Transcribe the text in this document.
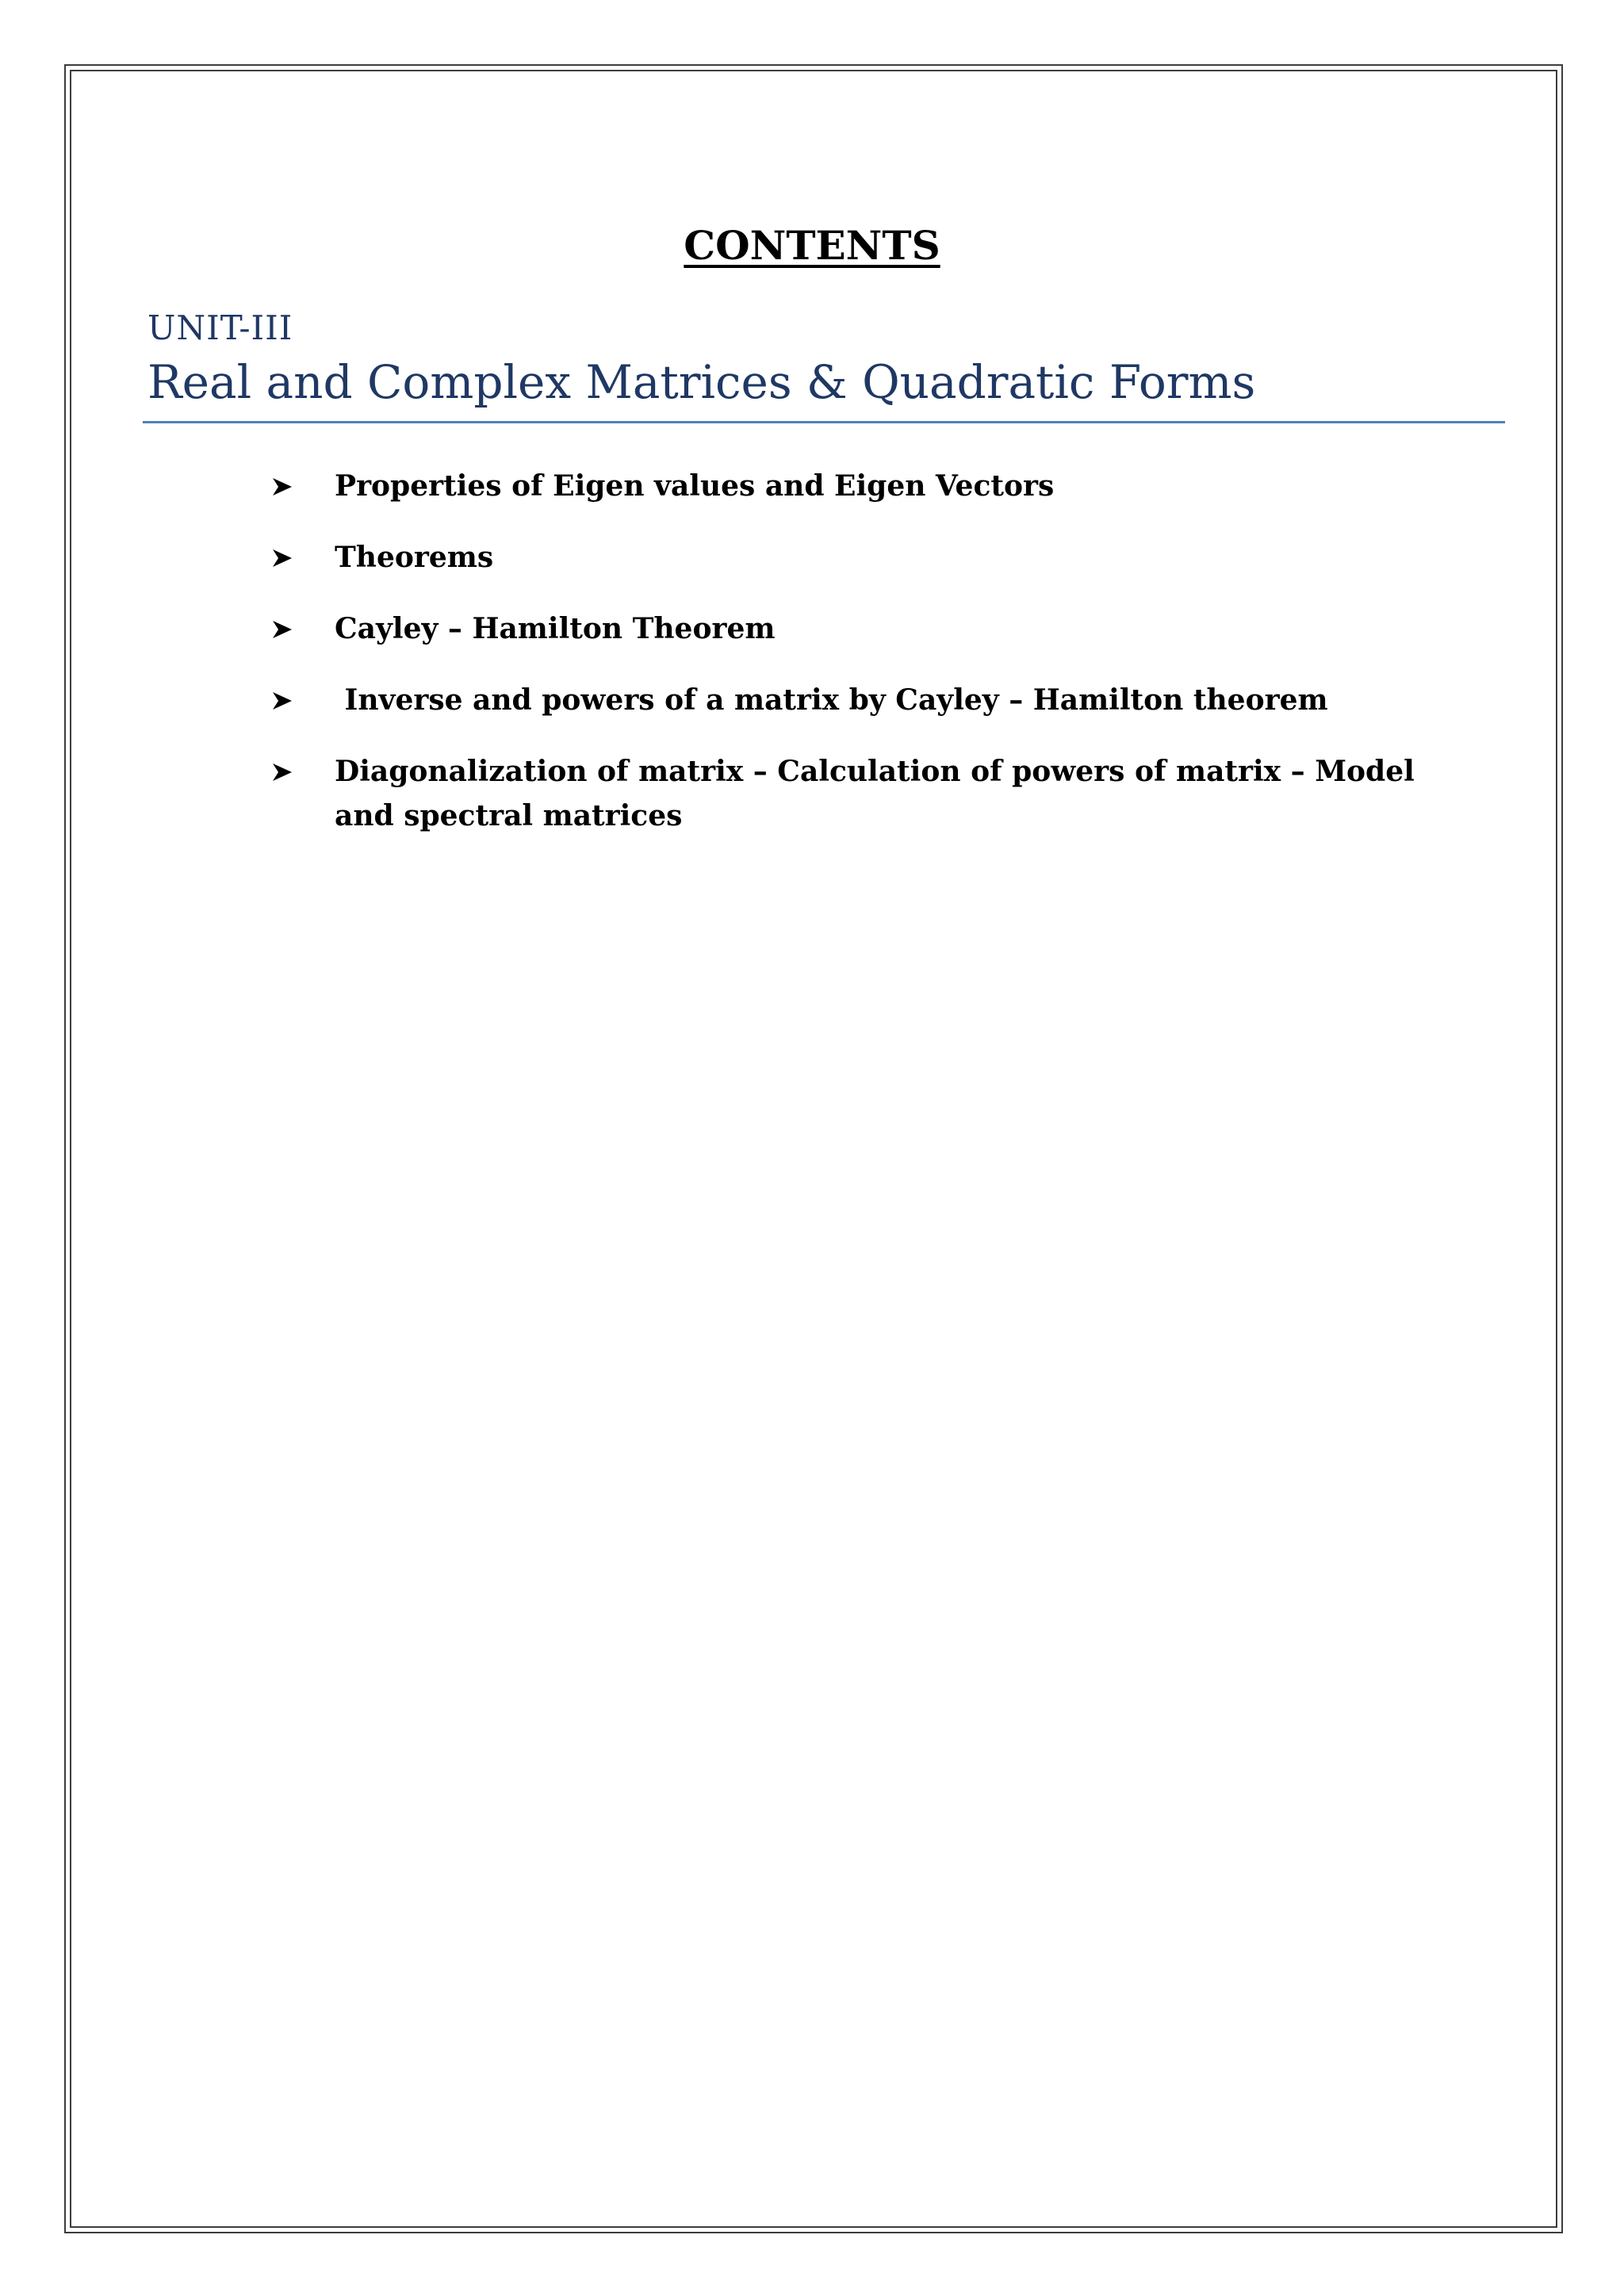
CONTENTS
UNIT-III
Real and Complex Matrices & Quadratic Forms
Properties of Eigen values and Eigen Vectors
Theorems
Cayley – Hamilton Theorem
Inverse and powers of a matrix by Cayley – Hamilton theorem
Diagonalization of matrix – Calculation of powers of matrix – Model and spectral matrices
